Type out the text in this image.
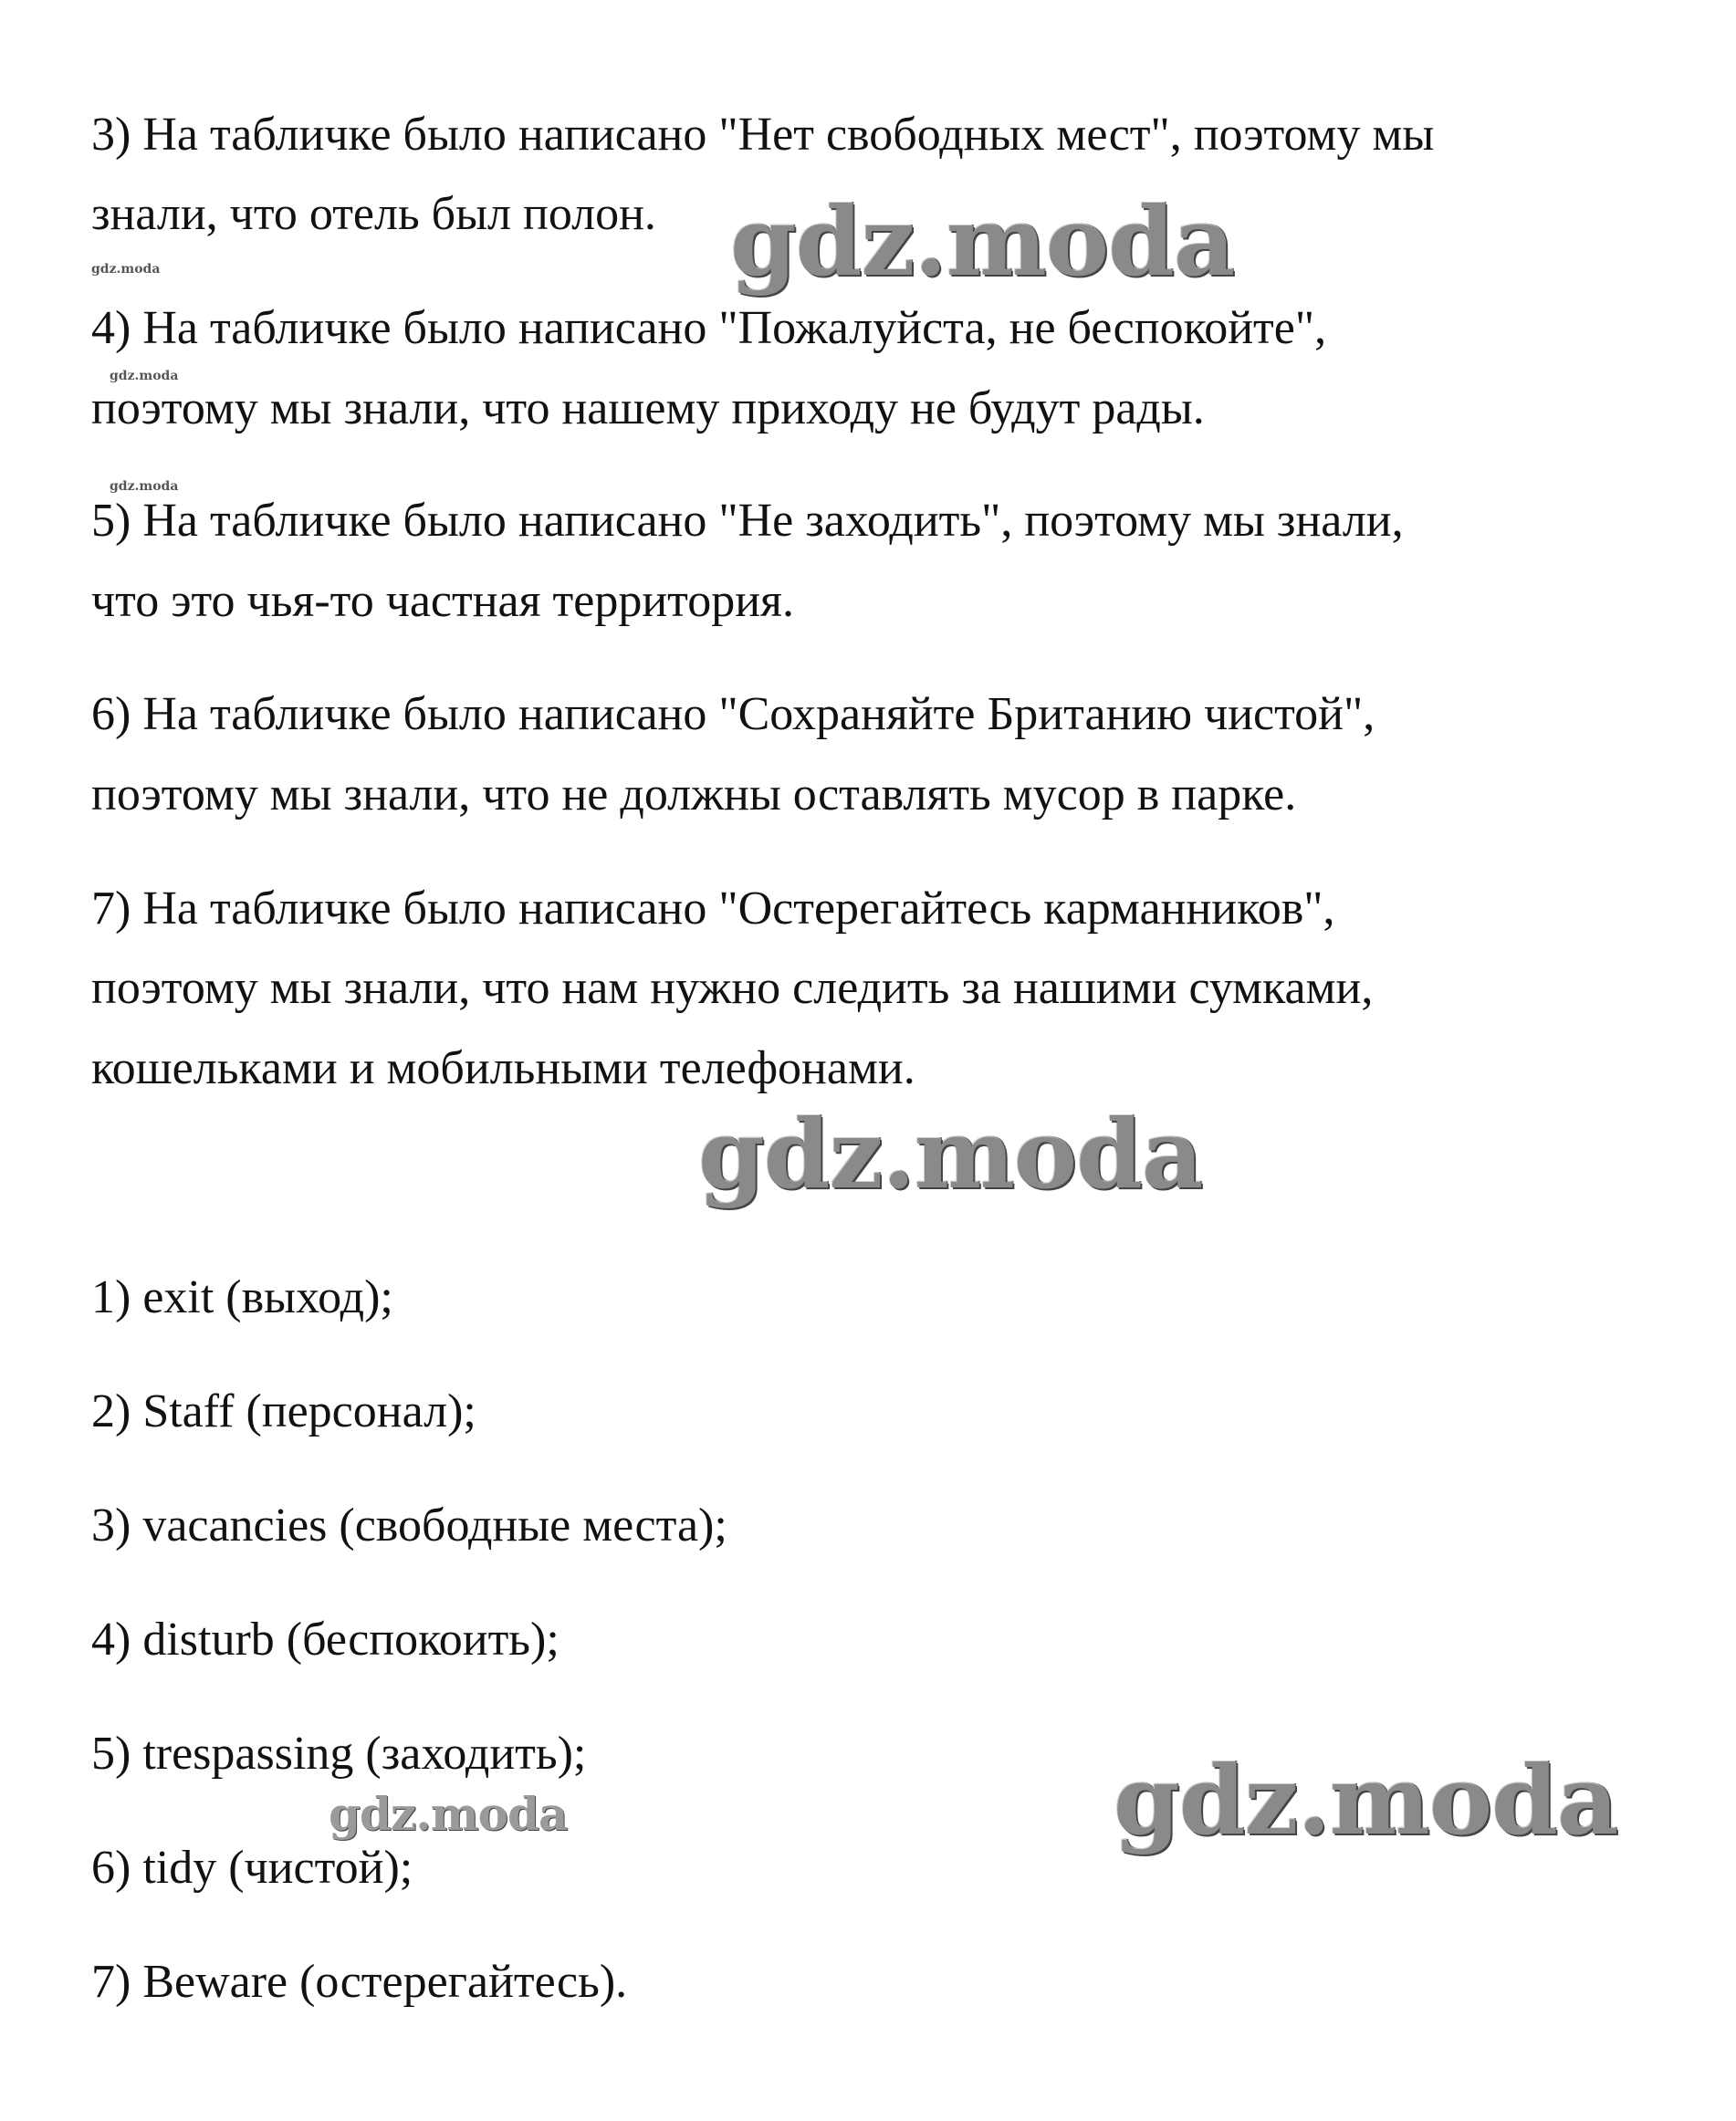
3) На табличке было написано "Нет свободных мест", поэтому мы
знали, что отель был полон.
4) На табличке было написано "Пожалуйста, не беспокойте",
поэтому мы знали, что нашему приходу не будут рады.
5) На табличке было написано "Не заходить", поэтому мы знали,
что это чья-то частная территория.
6) На табличке было написано "Сохраняйте Британию чистой",
поэтому мы знали, что не должны оставлять мусор в парке.
7) На табличке было написано "Остерегайтесь карманников",
поэтому мы знали, что нам нужно следить за нашими сумками,
кошельками и мобильными телефонами.
1) exit (выход);
2) Staff (персонал);
3) vacancies (свободные места);
4) disturb (беспокоить);
5) trespassing (заходить);
6) tidy (чистой);
7) Beware (остерегайтесь).
gdz.moda
gdz.moda
gdz.moda
gdz.moda
gdz.moda
gdz.moda
gdz.moda
